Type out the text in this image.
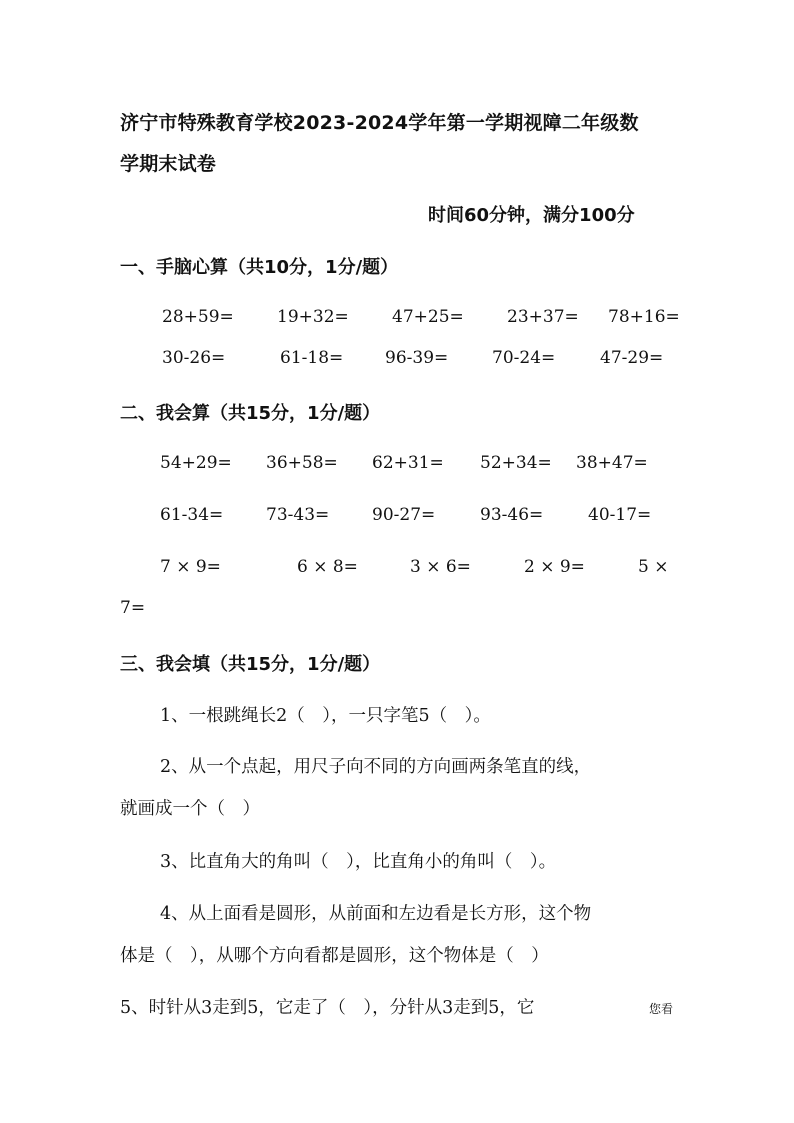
济宁市特殊教育学校2023-2024学年第一学期视障二年级数
学期末试卷
时间60分钟，满分100分
一、手脑心算（共10分，1分/题）
28+59=	19+32=	47+25=	23+37= 78+16=
30-26=	61-18= 96-39=	70-24=	47-29=
二、我会算（共15分，1分/题）
54+29= 36+58= 62+31= 52+34= 38+47=
61-34=	73-43=	90-27=	93-46=	40-17=
7 × 9=	6 × 8=	3 × 6=	2 × 9=	5 ×
7=
三、我会填（共15分，1分/题）
1、一根跳绳长2（　），一只字笔5（　）。
2、从一个点起，用尺子向不同的方向画两条笔直的线，
就画成一个（　）
3、比直角大的角叫（　），比直角小的角叫（　）。
4、从上面看是圆形，从前面和左边看是长方形，这个物
体是（　），从哪个方向看都是圆形，这个物体是（　）
5、时针从3走到5，它走了（　），分针从3走到5，它	您看
